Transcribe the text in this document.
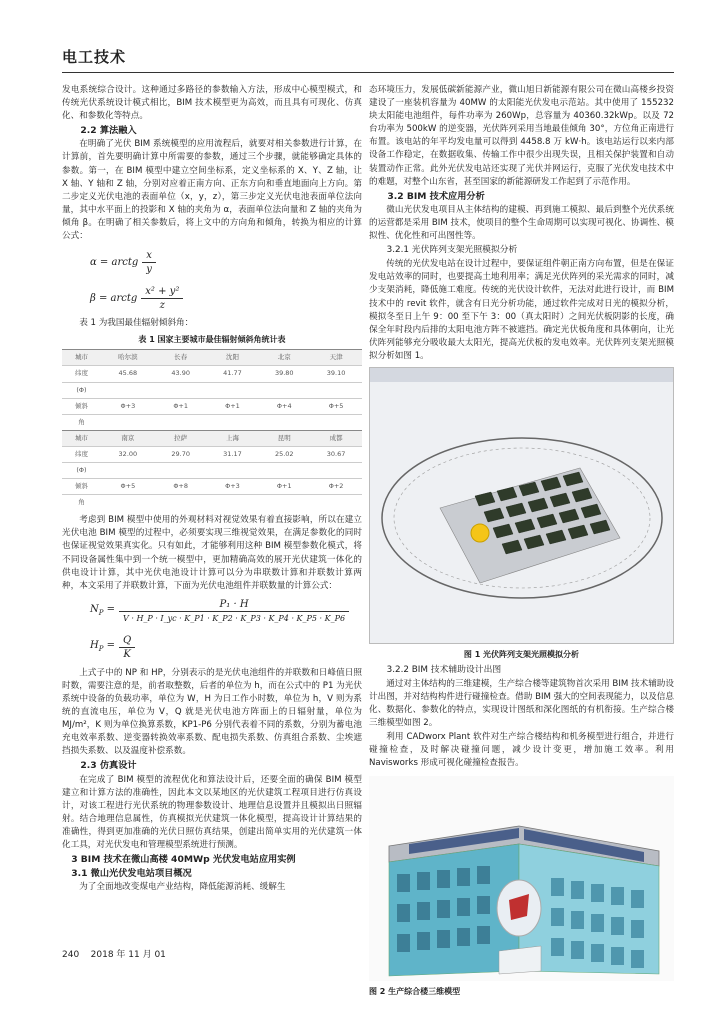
电工技术

发电系统综合设计。这种通过多路径的参数输入方法，形成中心模型模式，和传统光伏系统设计模式相比，BIM 技术模型更为高效，而且具有可现化、仿真化、和参数化等特点。

2.2 算法融入

在明确了光伏 BIM 系统模型的应用流程后，就要对相关参数进行计算，在计算前，首先要明确计算中所需要的参数，通过三个步骤，就能够确定具体的参数。第一，在 BIM 模型中建立空间坐标系，定义坐标系的 X、Y、Z 轴，让 X 轴、Y 轴和 Z 轴，分别对应着正南方向、正东方向和垂直地面向上方向。第二步定义光伏电池的表面单位（x，y，z），第三步定义光伏电池表面单位法向量，其中水平面上的投影和 X 轴的夹角为 α，表面单位法向量和 Z 轴的夹角为倾角 β。在明确了相关参数后，将上文中的方向角和倾角，转换为相应的计算公式：

α = arctg $\frac{x}{y}$
β = arctg $\frac{\text{x² + y²}}{z}$

表 1 为我国最佳辐射倾斜角：

表 1 国家主要城市最佳辐射倾斜角统计表
城市	哈尔滨	长春	沈阳	北京	天津
纬度	45.68	43.90	41.77	39.80	39.10
(Φ)					
倾斜	Φ+3	Φ+1	Φ+1	Φ+4	Φ+5
角					
城市	南京	拉萨	上海	昆明	成都
纬度	32.00	29.70	31.17	25.02	30.67
(Φ)					
倾斜	Φ+5	Φ+8	Φ+3	Φ+1	Φ+2
角					

考虑到 BIM 模型中使用的外观材料对视觉效果有着直接影响，所以在建立光伏电池 BIM 模型的过程中，必须要实现三维视觉效果，在满足参数化的同时也保证视觉效果真实化。只有如此，才能够利用这种 BIM 模型参数化模式，将不同设备属性集中到一个统一模型中，更加精确高效的展开光伏建筑一体化的供电设计计算，其中光伏电池设计计算可以分为串联数计算和并联数计算两种，本文采用了并联数计算，下面为光伏电池组件并联数量的计算公式：

$N_P = \frac{\text{P₁ · H}}{V \cdot H\_P \cdot I\_yc \cdot K\_P1 \cdot K\_P2 \cdot K\_P3 \cdot K\_P4 \cdot K\_P5 \cdot K\_P6}$
$H_P = \frac{Q}{K}$

上式子中的 NP 和 HP，分别表示的是光伏电池组件的并联数和日峰值日照时数，需要注意的是，前者取整数，后者的单位为 h，而在公式中的 P1 为光伏系统中设备的负载功率，单位为 W，H 为日工作小时数，单位为 h，V 则为系统的直流电压，单位为 V，Q 就是光伏电池方阵面上的日辐射量，单位为 MJ/m²，K 则为单位换算系数，KP1-P6 分别代表着不同的系数，分别为蓄电池充电效率系数、逆变器转换效率系数、配电损失系数、仿真组合系数、尘埃遮挡损失系数、以及温度补偿系数。

2.3 仿真设计

在完成了 BIM 模型的流程优化和算法设计后，还要全面的确保 BIM 模型建立和计算方法的准确性，因此本文以某地区的光伏建筑工程项目进行仿真设计，对该工程进行光伏系统的物理参数设计、地理信息设置并且模拟出日照辐射。结合地理信息属性，仿真模拟光伏建筑一体化模型，提高设计计算结果的准确性，得到更加准确的光伏日照仿真结果，创建出简单实用的光伏建筑一体化工具，对光伏发电和管理模型系统进行预测。

3 BIM 技术在微山高楼 40MWp 光伏发电站应用实例
3.1 微山光伏发电站项目概况

为了全面地改变煤电产业结构，降低能源消耗、缓解生

态环境压力，发展低碳新能源产业，微山旭日新能源有限公司在微山高楼乡投资建设了一座装机容量为 40MW 的太阳能光伏发电示范站。其中使用了 155232 块太阳能电池组件，每件功率为 260Wp，总容量为 40360.32kWp。以及 72 台功率为 500kW 的逆变器，光伏阵列采用当地最佳倾角 30°，方位角正南进行布置。该电站的年平均发电量可以得到 4458.8 万 kW·h。该电站运行以来内部设备工作稳定，在数据收集、传输工作中很少出现失误，且相关保护装置和自动装置动作正常。此外光伏发电站还实现了光伏并网运行，克服了光伏发电技术中的难题，对整个山东省，甚至国家的新能源研发工作起到了示范作用。

3.2 BIM 技术应用分析

微山光伏发电项目从主体结构的建模、再到施工模拟、最后到整个光伏系统的运营都是采用 BIM 技术，使项目的整个生命周期可以实现可视化、协调性、模拟性、优化性和可出图性等。

3.2.1 光伏阵列支架光照模拟分析

传统的光伏发电站在设计过程中，要保证组件朝正南方向布置，但是在保证发电站效率的同时，也要提高土地利用率；满足光伏阵列的采光需求的同时，减少支架消耗，降低施工难度。传统的光伏设计软件，无法对此进行设计，而 BIM 技术中的 revit 软件，就含有日光分析功能，通过软件完成对日光的模拟分析，模拟冬至日上午 9：00 至下午 3：00（真太阳时）之间光伏板阴影的长度，确保全年时段内后排的太阳电池方阵不被遮挡。确定光伏板角度和具体朝向，让光伏阵列能够充分吸收最大太阳光，提高光伏板的发电效率。光伏阵列支架光照模拟分析如图 1。

图 1 光伏阵列支架光照模拟分析
3.2.2 BIM 技术辅助设计出图

通过对主体结构的三维建模，生产综合楼等建筑物首次采用 BIM 技术辅助设计出图，并对结构构件进行碰撞检查。借助 BIM 强大的空间表现能力，以及信息化、数据化、参数化的特点，实现设计图纸和深化图纸的有机衔接。生产综合楼三维模型如图 2。

利用 CADworx Plant 软件对生产综合楼结构和机务模型进行组合，并进行碰撞检查，及时解决碰撞问题，减少设计变更，增加施工效率。利用 Navisworks 形成可视化碰撞检查报告。

图 2 生产综合楼三维模型
240 2018 年 11 月 01
